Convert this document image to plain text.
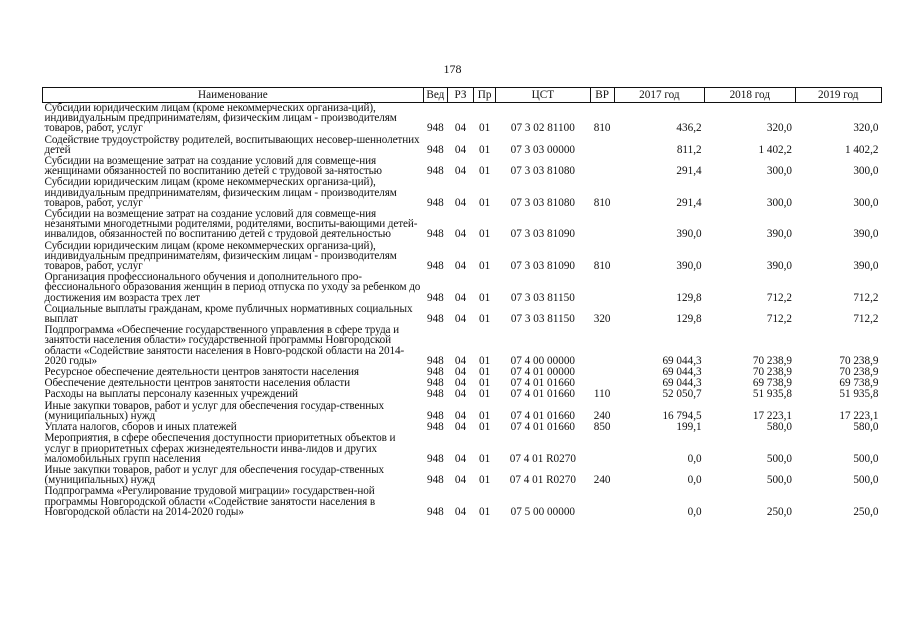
178
Наименование	Вед	РЗ	Пр	ЦСТ	ВР	2017 год	2018 год	2019 год
Субсидии юридическим лицам (кроме некоммерческих организа-ций), индивидуальным предпринимателям, физическим лицам - производителям товаров, работ, услуг	948	04	01	07 3 02 81100	810	436,2	320,0	320,0
Содействие трудоустройству родителей, воспитывающих несовер-шеннолетних детей	948	04	01	07 3 03 00000		811,2	1 402,2	1 402,2
Субсидии на возмещение затрат на создание условий для совмеще-ния женщинами обязанностей по воспитанию детей с трудовой за-нятостью	948	04	01	07 3 03 81080		291,4	300,0	300,0
Субсидии юридическим лицам (кроме некоммерческих организа-ций), индивидуальным предпринимателям, физическим лицам - производителям товаров, работ, услуг	948	04	01	07 3 03 81080	810	291,4	300,0	300,0
Субсидии на возмещение затрат на создание условий для совмеще-ния незанятыми многодетными родителями, родителями, воспиты-вающими детей-инвалидов, обязанностей по воспитанию детей с трудовой деятельностью	948	04	01	07 3 03 81090		390,0	390,0	390,0
Субсидии юридическим лицам (кроме некоммерческих организа-ций), индивидуальным предпринимателям, физическим лицам - производителям товаров, работ, услуг	948	04	01	07 3 03 81090	810	390,0	390,0	390,0
Организация профессионального обучения и дополнительного про-фессионального образования женщин в период отпуска по уходу за ребенком до достижения им возраста трех лет	948	04	01	07 3 03 81150		129,8	712,2	712,2
Социальные выплаты гражданам, кроме публичных нормативных социальных выплат	948	04	01	07 3 03 81150	320	129,8	712,2	712,2
Подпрограмма «Обеспечение государственного управления в сфере труда и занятости населения области» государственной программы Новгородской области «Содействие занятости населения в Новго-родской области на 2014-2020 годы»	948	04	01	07 4 00 00000		69 044,3	70 238,9	70 238,9
Ресурсное обеспечение деятельности центров занятости населения	948	04	01	07 4 01 00000		69 044,3	70 238,9	70 238,9
Обеспечение деятельности центров занятости населения области	948	04	01	07 4 01 01660		69 044,3	69 738,9	69 738,9
Расходы на выплаты персоналу казенных учреждений	948	04	01	07 4 01 01660	110	52 050,7	51 935,8	51 935,8
Иные закупки товаров, работ и услуг для обеспечения государ-ственных (муниципальных) нужд	948	04	01	07 4 01 01660	240	16 794,5	17 223,1	17 223,1
Уплата налогов, сборов и иных платежей	948	04	01	07 4 01 01660	850	199,1	580,0	580,0
Мероприятия, в сфере обеспечения доступности приоритетных объектов и услуг в приоритетных сферах жизнедеятельности инва-лидов и других маломобильных групп населения	948	04	01	07 4 01 R0270		0,0	500,0	500,0
Иные закупки товаров, работ и услуг для обеспечения государ-ственных (муниципальных) нужд	948	04	01	07 4 01 R0270	240	0,0	500,0	500,0
Подпрограмма «Регулирование трудовой миграции» государствен-ной программы Новгородской области «Содействие занятости населения в Новгородской области на 2014-2020 годы»	948	04	01	07 5 00 00000		0,0	250,0	250,0
